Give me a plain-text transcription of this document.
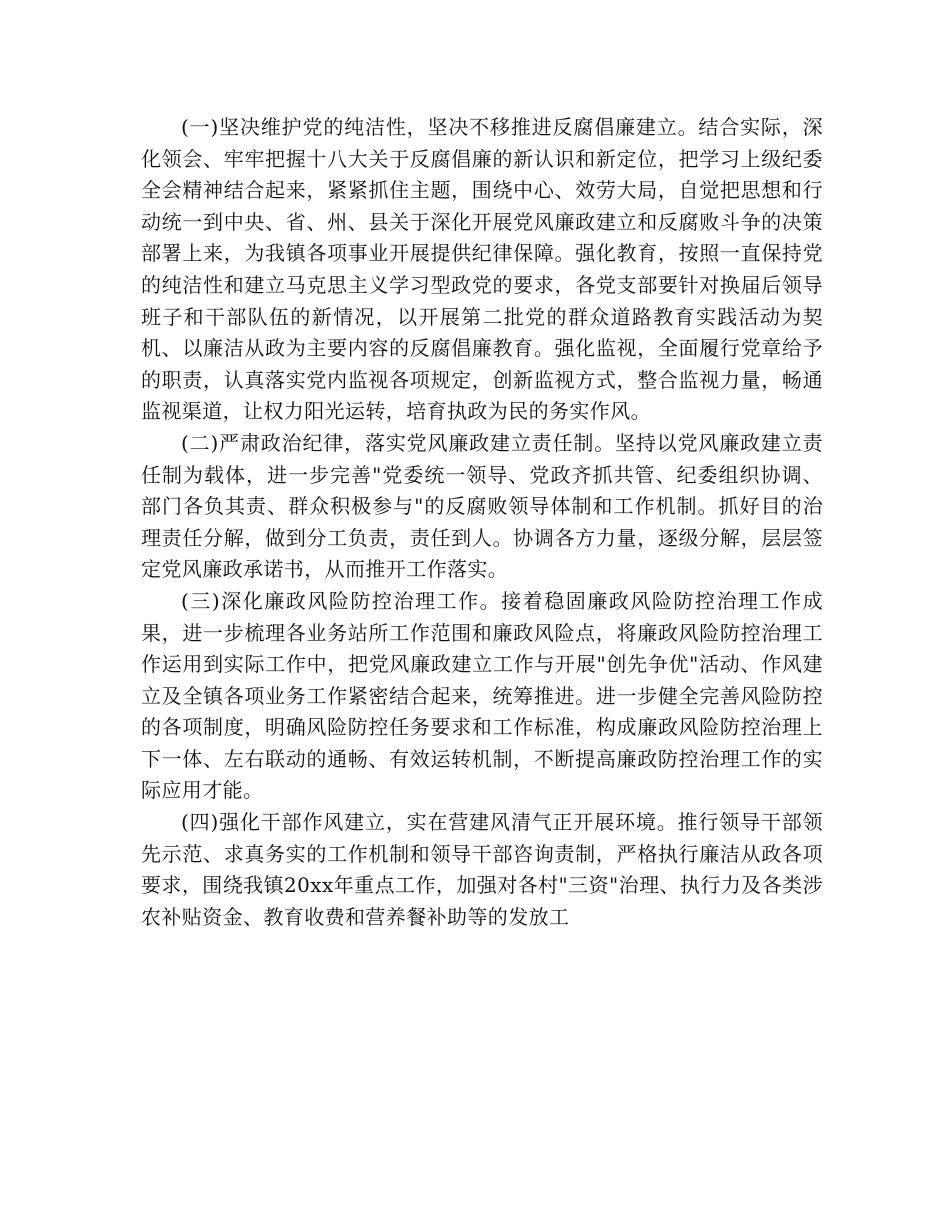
(一)坚决维护党的纯洁性，坚决不移推进反腐倡廉建立。结合实际，深化领会、牢牢把握十八大关于反腐倡廉的新认识和新定位，把学习上级纪委全会精神结合起来，紧紧抓住主题，围绕中心、效劳大局，自觉把思想和行动统一到中央、省、州、县关于深化开展党风廉政建立和反腐败斗争的决策部署上来，为我镇各项事业开展提供纪律保障。强化教育，按照一直保持党的纯洁性和建立马克思主义学习型政党的要求，各党支部要针对换届后领导班子和干部队伍的新情况，以开展第二批党的群众道路教育实践活动为契机、以廉洁从政为主要内容的反腐倡廉教育。强化监视，全面履行党章给予的职责，认真落实党内监视各项规定，创新监视方式，整合监视力量，畅通监视渠道，让权力阳光运转，培育执政为民的务实作风。

(二)严肃政治纪律，落实党风廉政建立责任制。坚持以党风廉政建立责任制为载体，进一步完善"党委统一领导、党政齐抓共管、纪委组织协调、部门各负其责、群众积极参与"的反腐败领导体制和工作机制。抓好目的治理责任分解，做到分工负责，责任到人。协调各方力量，逐级分解，层层签定党风廉政承诺书，从而推开工作落实。

(三)深化廉政风险防控治理工作。接着稳固廉政风险防控治理工作成果，进一步梳理各业务站所工作范围和廉政风险点，将廉政风险防控治理工作运用到实际工作中，把党风廉政建立工作与开展"创先争优"活动、作风建立及全镇各项业务工作紧密结合起来，统筹推进。进一步健全完善风险防控的各项制度，明确风险防控任务要求和工作标准，构成廉政风险防控治理上下一体、左右联动的通畅、有效运转机制，不断提高廉政防控治理工作的实际应用才能。

(四)强化干部作风建立，实在营建风清气正开展环境。推行领导干部领先示范、求真务实的工作机制和领导干部咨询责制，严格执行廉洁从政各项要求，围绕我镇20xx年重点工作，加强对各村"三资"治理、执行力及各类涉农补贴资金、教育收费和营养餐补助等的发放工
